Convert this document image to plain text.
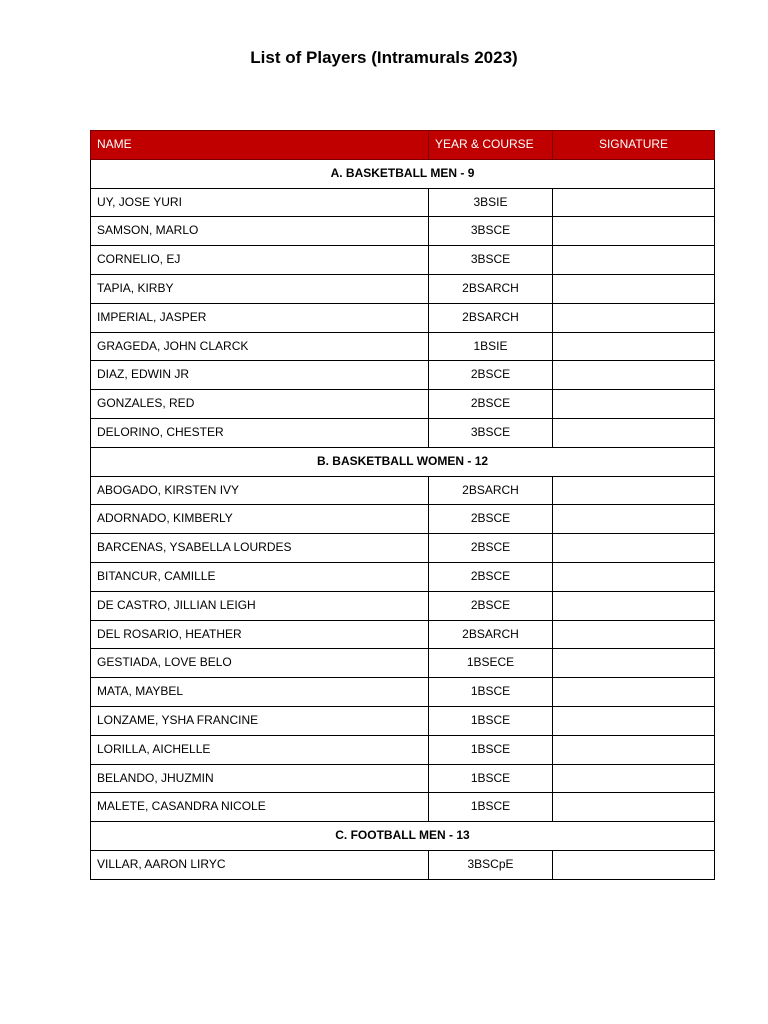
List of Players (Intramurals 2023)
NAME	YEAR & COURSE	SIGNATURE
A. BASKETBALL MEN - 9		
UY, JOSE YURI	3BSIE	
SAMSON, MARLO	3BSCE	
CORNELIO, EJ	3BSCE	
TAPIA, KIRBY	2BSARCH	
IMPERIAL, JASPER	2BSARCH	
GRAGEDA, JOHN CLARCK	1BSIE	
DIAZ, EDWIN JR	2BSCE	
GONZALES, RED	2BSCE	
DELORINO, CHESTER	3BSCE	
B. BASKETBALL WOMEN - 12		
ABOGADO, KIRSTEN IVY	2BSARCH	
ADORNADO, KIMBERLY	2BSCE	
BARCENAS, YSABELLA LOURDES	2BSCE	
BITANCUR, CAMILLE	2BSCE	
DE CASTRO, JILLIAN LEIGH	2BSCE	
DEL ROSARIO, HEATHER	2BSARCH	
GESTIADA, LOVE BELO	1BSECE	
MATA, MAYBEL	1BSCE	
LONZAME, YSHA FRANCINE	1BSCE	
LORILLA, AICHELLE	1BSCE	
BELANDO, JHUZMIN	1BSCE	
MALETE, CASANDRA NICOLE	1BSCE	
C. FOOTBALL MEN - 13		
VILLAR, AARON LIRYC	3BSCpE	
